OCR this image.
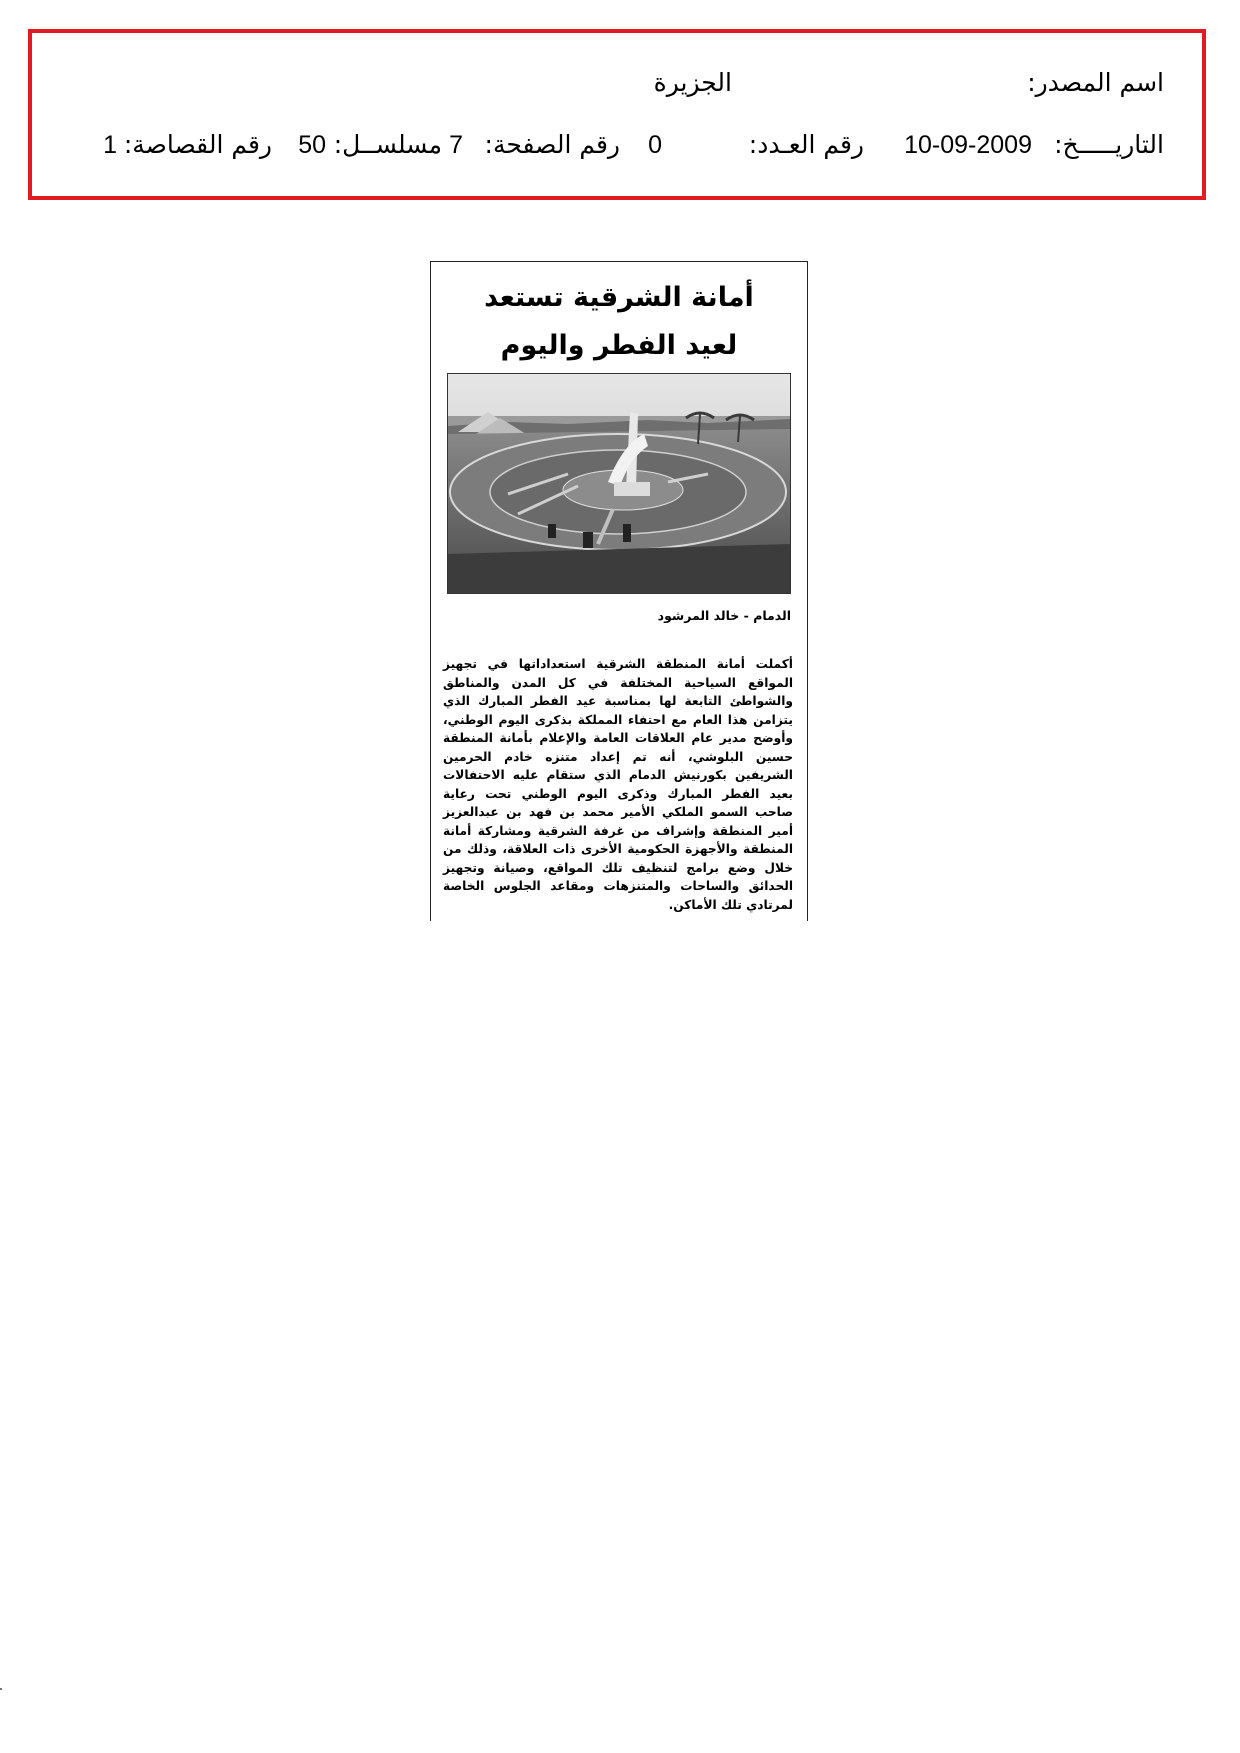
اسم المصدر:
الجزيرة
التاريـــــخ:
10-09-2009
رقم العـدد:
0
رقم الصفحة:
7
مسلســل:
50
رقم القصاصة:
1
أمانة الشرقية تستعد لعيد الفطر واليوم
الدمام - خالد المرشود
أكملت أمانة المنطقة الشرقية استعداداتها في تجهيز المواقع السياحية المختلفة في كل المدن والمناطق والشواطئ التابعة لها بمناسبة عيد الفطر المبارك الذي يتزامن هذا العام مع احتفاء المملكة بذكرى اليوم الوطني، وأوضح مدير عام العلاقات العامة والإعلام بأمانة المنطقة حسين البلوشي، أنه تم إعداد متنزه خادم الحرمين الشريفين بكورنيش الدمام الذي ستقام عليه الاحتفالات بعيد الفطر المبارك وذكرى اليوم الوطني تحت رعاية صاحب السمو الملكي الأمير محمد بن فهد بن عبدالعزيز أمير المنطقة وإشراف من غرفة الشرقية ومشاركة أمانة المنطقة والأجهزة الحكومية الأخرى ذات العلاقة، وذلك من خلال وضع برامج لتنظيف تلك المواقع، وصيانة وتجهيز الحدائق والساحات والمتنزهات ومقاعد الجلوس الخاصة لمرتادي تلك الأماكن.
